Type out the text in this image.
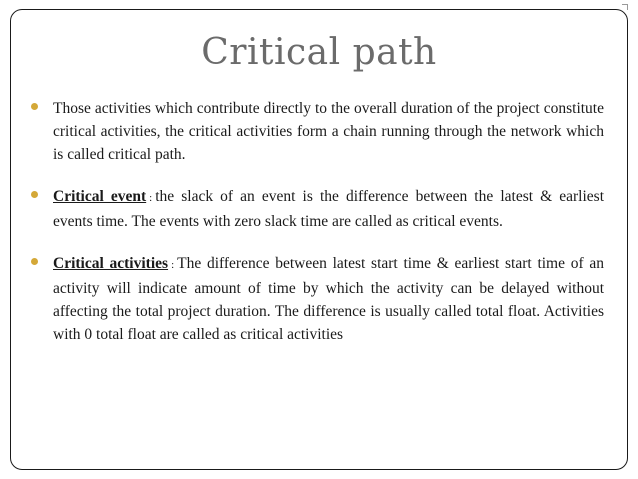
Critical path
Those activities which contribute directly to the overall duration of the project constitute critical activities, the critical activities form a chain running through the network which is called critical path.
Critical event : the slack of an event is the difference between the latest & earliest events time. The events with zero slack time are called as critical events.
Critical activities : The difference between latest start time & earliest start time of an activity will indicate amount of time by which the activity can be delayed without affecting the total project duration. The difference is usually called total float. Activities with 0 total float are called as critical activities
